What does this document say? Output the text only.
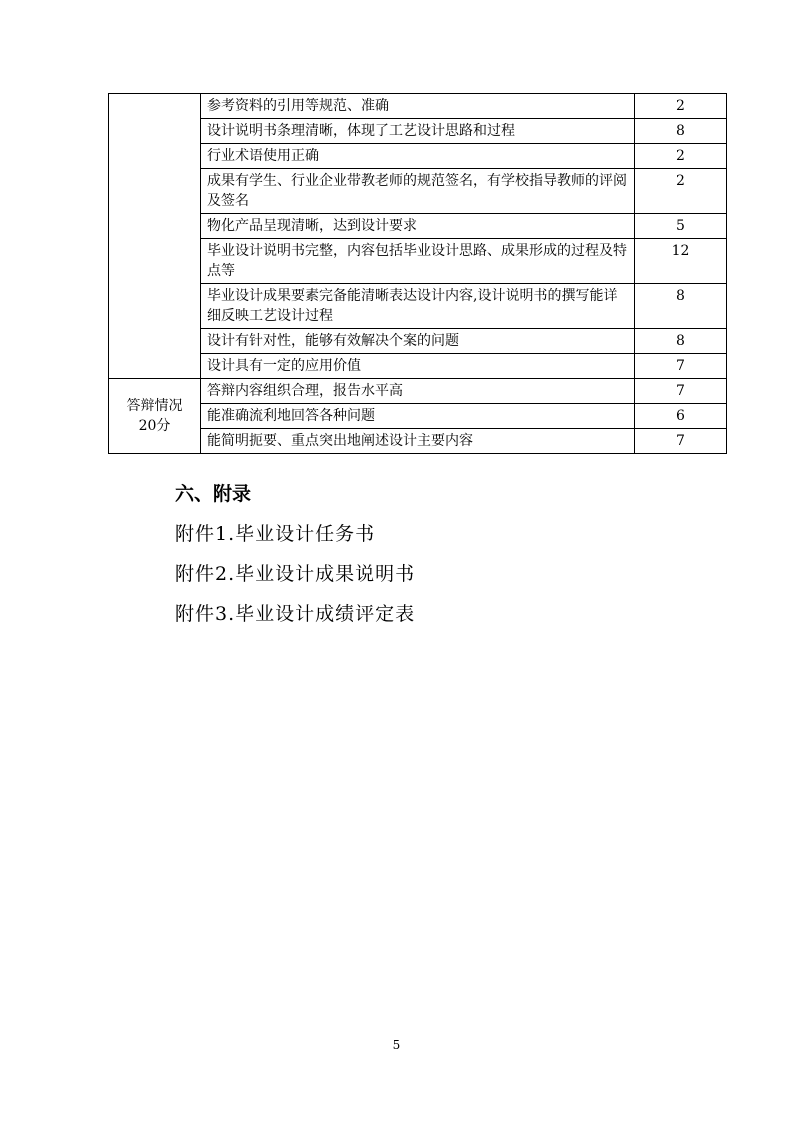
	参考资料的引用等规范、准确	2
	设计说明书条理清晰，体现了工艺设计思路和过程	8
	行业术语使用正确	2
	成果有学生、行业企业带教老师的规范签名，有学校指导教师的评阅及签名	2
	物化产品呈现清晰，达到设计要求	5
	毕业设计说明书完整，内容包括毕业设计思路、成果形成的过程及特点等	12
	毕业设计成果要素完备能清晰表达设计内容,设计说明书的撰写能详细反映工艺设计过程	8
	设计有针对性，能够有效解决个案的问题	8
	设计具有一定的应用价值	7

答辩情况
20分	答辩内容组织合理，报告水平高	7
	能准确流利地回答各种问题	6
	能简明扼要、重点突出地阐述设计主要内容	7
六、附录

附件1.毕业设计任务书

附件2.毕业设计成果说明书

附件3.毕业设计成绩评定表

5
